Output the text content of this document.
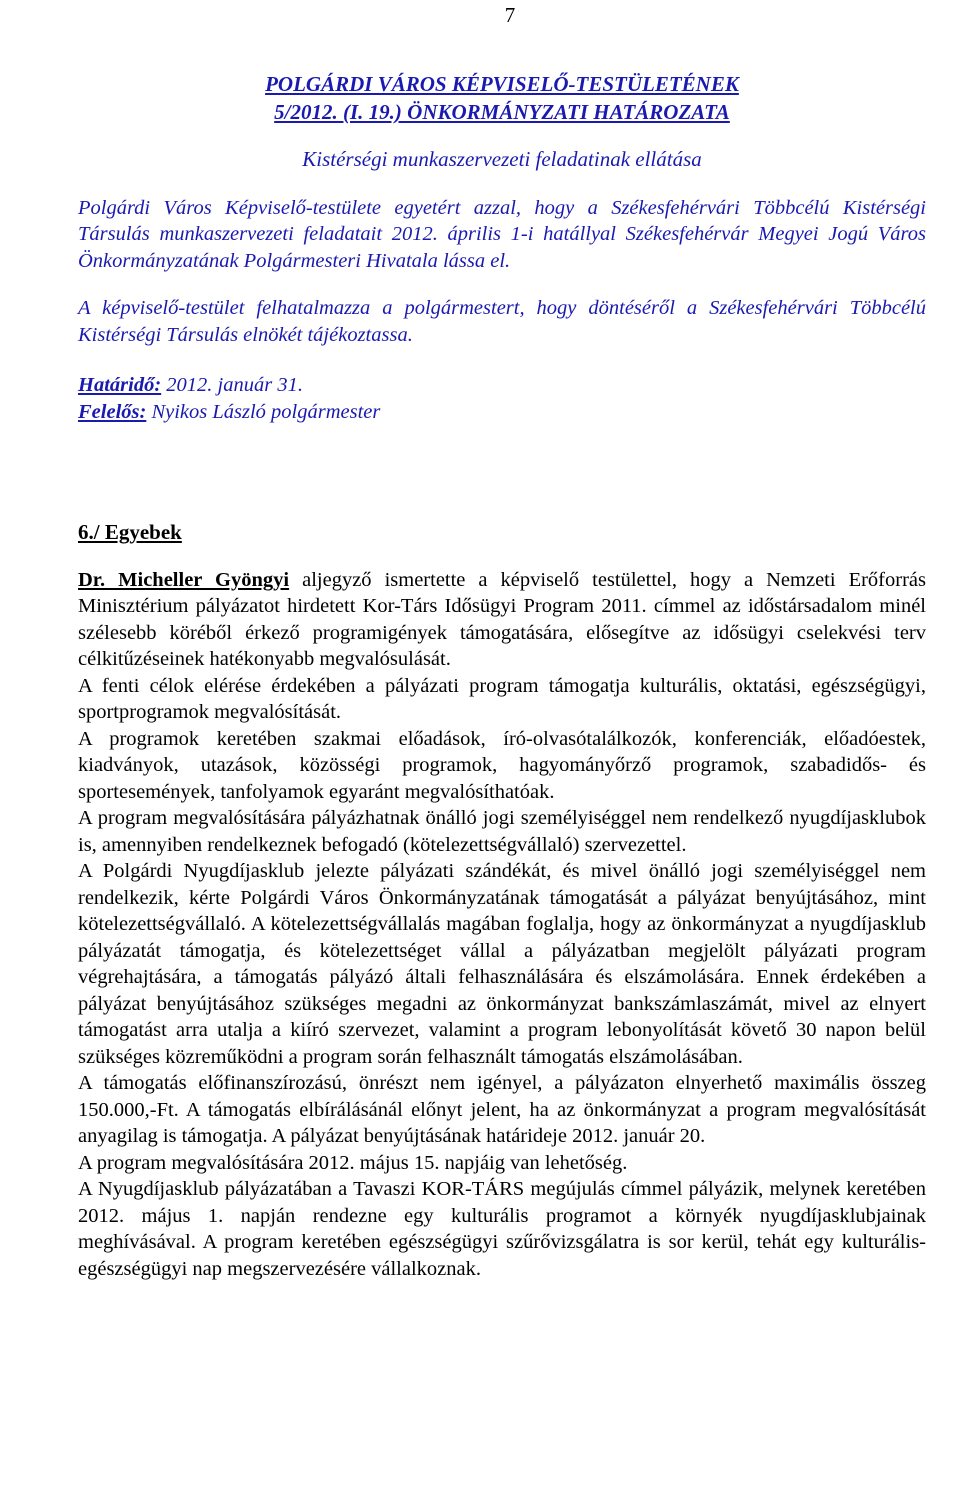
7

POLGÁRDI VÁROS KÉPVISELŐ-TESTÜLETÉNEK

5/2012. (I. 19.) ÖNKORMÁNYZATI HATÁROZATA

Kistérségi munkaszervezeti feladatinak ellátása

Polgárdi Város Képviselő-testülete egyetért azzal, hogy a Székesfehérvári Többcélú Kistérségi Társulás munkaszervezeti feladatait 2012. április 1-i hatállyal Székesfehérvár Megyei Jogú Város Önkormányzatának Polgármesteri Hivatala lássa el.

A képviselő-testület felhatalmazza a polgármestert, hogy döntéséről a Székesfehérvári Többcélú Kistérségi Társulás elnökét tájékoztassa.

Határidő: 2012. január 31.
Felelős: Nyikos László polgármester
6./ Egyebek

Dr. Micheller Gyöngyi aljegyző ismertette a képviselő testülettel, hogy a Nemzeti Erőforrás Minisztérium pályázatot hirdetett Kor-Társ Idősügyi Program 2011. címmel az időstársadalom minél szélesebb köréből érkező programigények támogatására, elősegítve az idősügyi cselekvési terv célkitűzéseinek hatékonyabb megvalósulását.

A fenti célok elérése érdekében a pályázati program támogatja kulturális, oktatási, egészségügyi, sportprogramok megvalósítását.

A programok keretében szakmai előadások, író-olvasótalálkozók, konferenciák, előadóestek, kiadványok, utazások, közösségi programok, hagyományőrző programok, szabadidős- és sportesemények, tanfolyamok egyaránt megvalósíthatóak.

A program megvalósítására pályázhatnak önálló jogi személyiséggel nem rendelkező nyugdíjasklubok is, amennyiben rendelkeznek befogadó (kötelezettségvállaló) szervezettel.

A Polgárdi Nyugdíjasklub jelezte pályázati szándékát, és mivel önálló jogi személyiséggel nem rendelkezik, kérte Polgárdi Város Önkormányzatának támogatását a pályázat benyújtásához, mint kötelezettségvállaló. A kötelezettségvállalás magában foglalja, hogy az önkormányzat a nyugdíjasklub pályázatát támogatja, és kötelezettséget vállal a pályázatban megjelölt pályázati program végrehajtására, a támogatás pályázó általi felhasználására és elszámolására. Ennek érdekében a pályázat benyújtásához szükséges megadni az önkormányzat bankszámlaszámát, mivel az elnyert támogatást arra utalja a kiíró szervezet, valamint a program lebonyolítását követő 30 napon belül szükséges közreműködni a program során felhasznált támogatás elszámolásában.

A támogatás előfinanszírozású, önrészt nem igényel, a pályázaton elnyerhető maximális összeg 150.000,-Ft. A támogatás elbírálásánál előnyt jelent, ha az önkormányzat a program megvalósítását anyagilag is támogatja. A pályázat benyújtásának határideje 2012. január 20.

A program megvalósítására 2012. május 15. napjáig van lehetőség.

A Nyugdíjasklub pályázatában a Tavaszi KOR-TÁRS megújulás címmel pályázik, melynek keretében 2012. május 1. napján rendezne egy kulturális programot a környék nyugdíjasklubjainak meghívásával. A program keretében egészségügyi szűrővizsgálatra is sor kerül, tehát egy kulturális-egészségügyi nap megszervezésére vállalkoznak.
